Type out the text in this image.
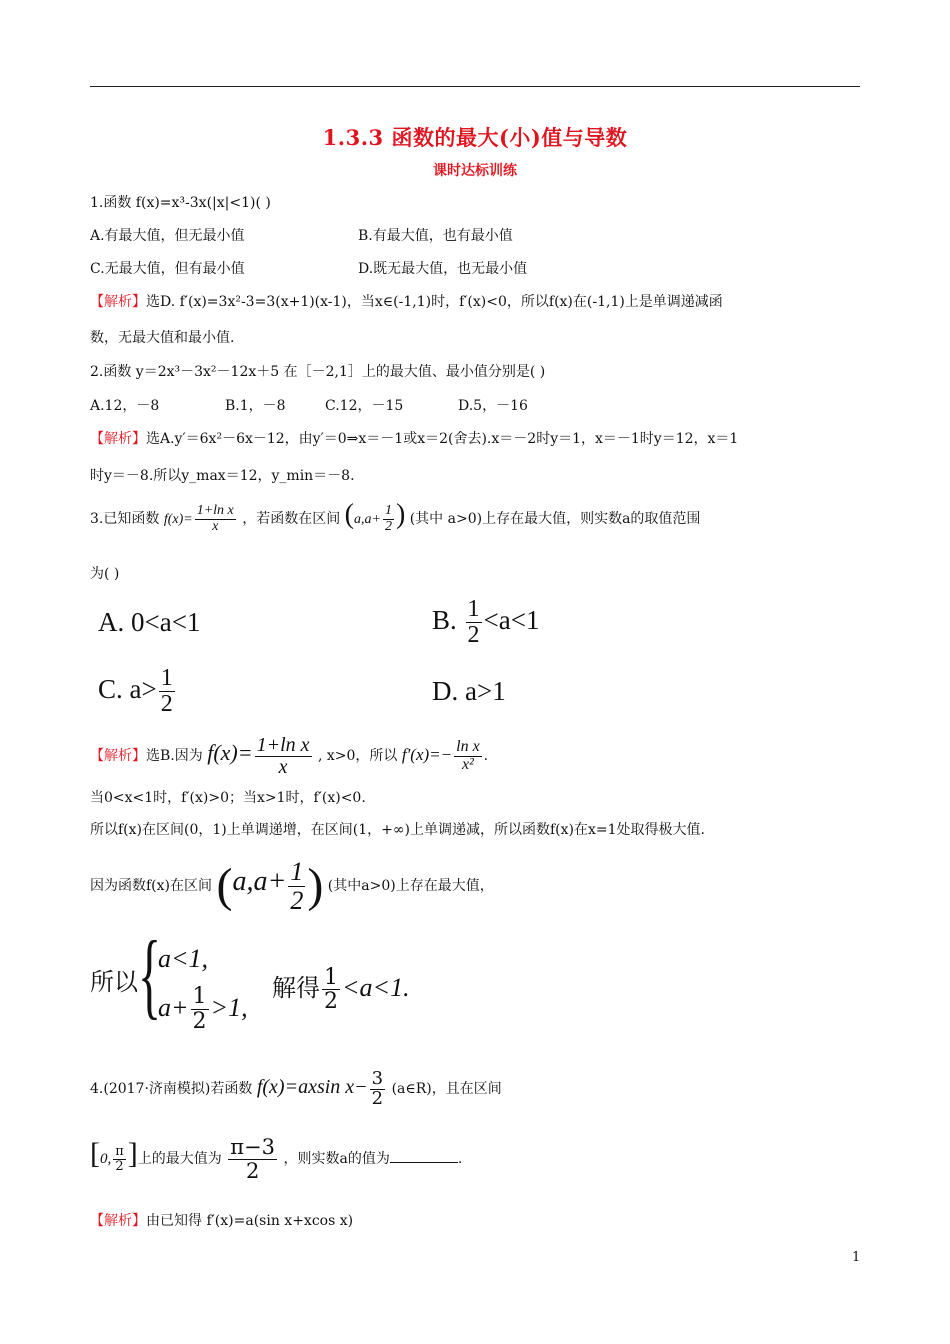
1.3.3 函数的最大(小)值与导数
课时达标训练
1.函数 f(x)=x³-3x(|x|<1)( )
A.有最大值，但无最小值	B.有最大值，也有最小值
C.无最大值，但有最小值	D.既无最大值，也无最小值
【解析】选D. f′(x)=3x²-3=3(x+1)(x-1)，当x∈(-1,1)时，f′(x)<0，所以f(x)在(-1,1)上是单调递减函
数，无最大值和最小值.
2.函数 y＝2x³－3x²－12x＋5 在［－2,1］上的最大值、最小值分别是( )
A.12，－8	B.1，－8	C.12，－15	D.5，－16
【解析】选A.y′＝6x²－6x－12，由y′＝0⇒x＝－1或x＝2(舍去).x＝－2时y＝1，x＝－1时y＝12，x＝1
时y＝－8.所以y_max＝12，y_min＝－8.
3.已知函数 $f(x)= \frac{\text{1+ln x}}{x}$ ，若函数在区间 ($a,a+ \frac{1}{2}$ ) (其中 a>0)上存在最大值，则实数a的取值范围
为( )
A. 0<a<1	B. $\frac{1}{2} <a<1$
C. $a> \frac{1}{2}$	D. a>1
【解析】选B.因为 $f(x)= \frac{\text{1+ln x}}{x}$ , x>0，所以 $f'(x)=- \frac{\text{ln x}}{\text{x²}}$ .
当0<x<1时，f′(x)>0；当x>1时，f′(x)<0.
所以f(x)在区间(0，1)上单调递增，在区间(1，+∞)上单调递减，所以函数f(x)在x=1处取得极大值.
因为函数f(x)在区间 ($a,a+ \frac{1}{2}$ ) (其中a>0)上存在最大值，
所以 {
a<1,
$a+ \frac{1}{2} >1$,
解得 $\frac{1}{2} <a<1$.
4.(2017·济南模拟)若函数 f(x)=axsin $x- \frac{3}{2}$ (a∈R)，且在区间
[0, $\frac{\pi}{2}$ ]上的最大值为 $\frac{\pi-3}{2}$ ，则实数a的值为	.
【解析】由已知得 f′(x)=a(sin x+xcos x)
1
